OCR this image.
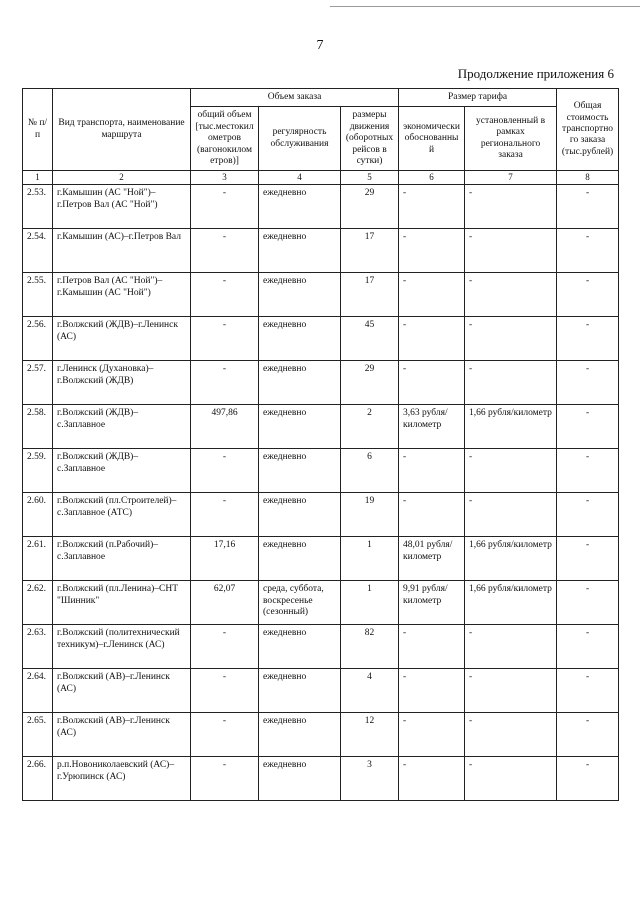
7
Продолжение приложения 6
№ п/п	Вид транспорта, наименование маршрута	Объем заказа			Размер тарифа		Общая стоимость транспортного заказа (тыс.рублей)
		общий объем [тыс.местокилометров (вагонокилометров)]	регулярность обслуживания	размеры движения (оборотных рейсов в сутки)	экономически обоснованный	установленный в рамках регионального заказа	
1	2	3	4	5	6	7	8
2.53.	г.Камышин (АС "Ной")–г.Петров Вал (АС "Ной")	-	ежедневно	29	-	-	-
2.54.	г.Камышин (АС)–г.Петров Вал	-	ежедневно	17	-	-	-
2.55.	г.Петров Вал (АС "Ной")–г.Камышин (АС "Ной")	-	ежедневно	17	-	-	-
2.56.	г.Волжский (ЖДВ)–г.Ленинск (АС)	-	ежедневно	45	-	-	-
2.57.	г.Ленинск (Духановка)–г.Волжский (ЖДВ)	-	ежедневно	29	-	-	-
2.58.	г.Волжский (ЖДВ)–с.Заплавное	497,86	ежедневно	2	3,63 рубля/километр	1,66 рубля/километр	-
2.59.	г.Волжский (ЖДВ)–с.Заплавное	-	ежедневно	6	-	-	-
2.60.	г.Волжский (пл.Строителей)–с.Заплавное (АТС)	-	ежедневно	19	-	-	-
2.61.	г.Волжский (п.Рабочий)–с.Заплавное	17,16	ежедневно	1	48,01 рубля/километр	1,66 рубля/километр	-
2.62.	г.Волжский (пл.Ленина)–СНТ "Шинник"	62,07	среда, суббота, воскресенье (сезонный)	1	9,91 рубля/километр	1,66 рубля/километр	-
2.63.	г.Волжский (политехнический техникум)–г.Ленинск (АС)	-	ежедневно	82	-	-	-
2.64.	г.Волжский (АВ)–г.Ленинск (АС)	-	ежедневно	4	-	-	-
2.65.	г.Волжский (АВ)–г.Ленинск (АС)	-	ежедневно	12	-	-	-
2.66.	р.п.Новониколаевский (АС)–г.Урюпинск (АС)	-	ежедневно	3	-	-	-
